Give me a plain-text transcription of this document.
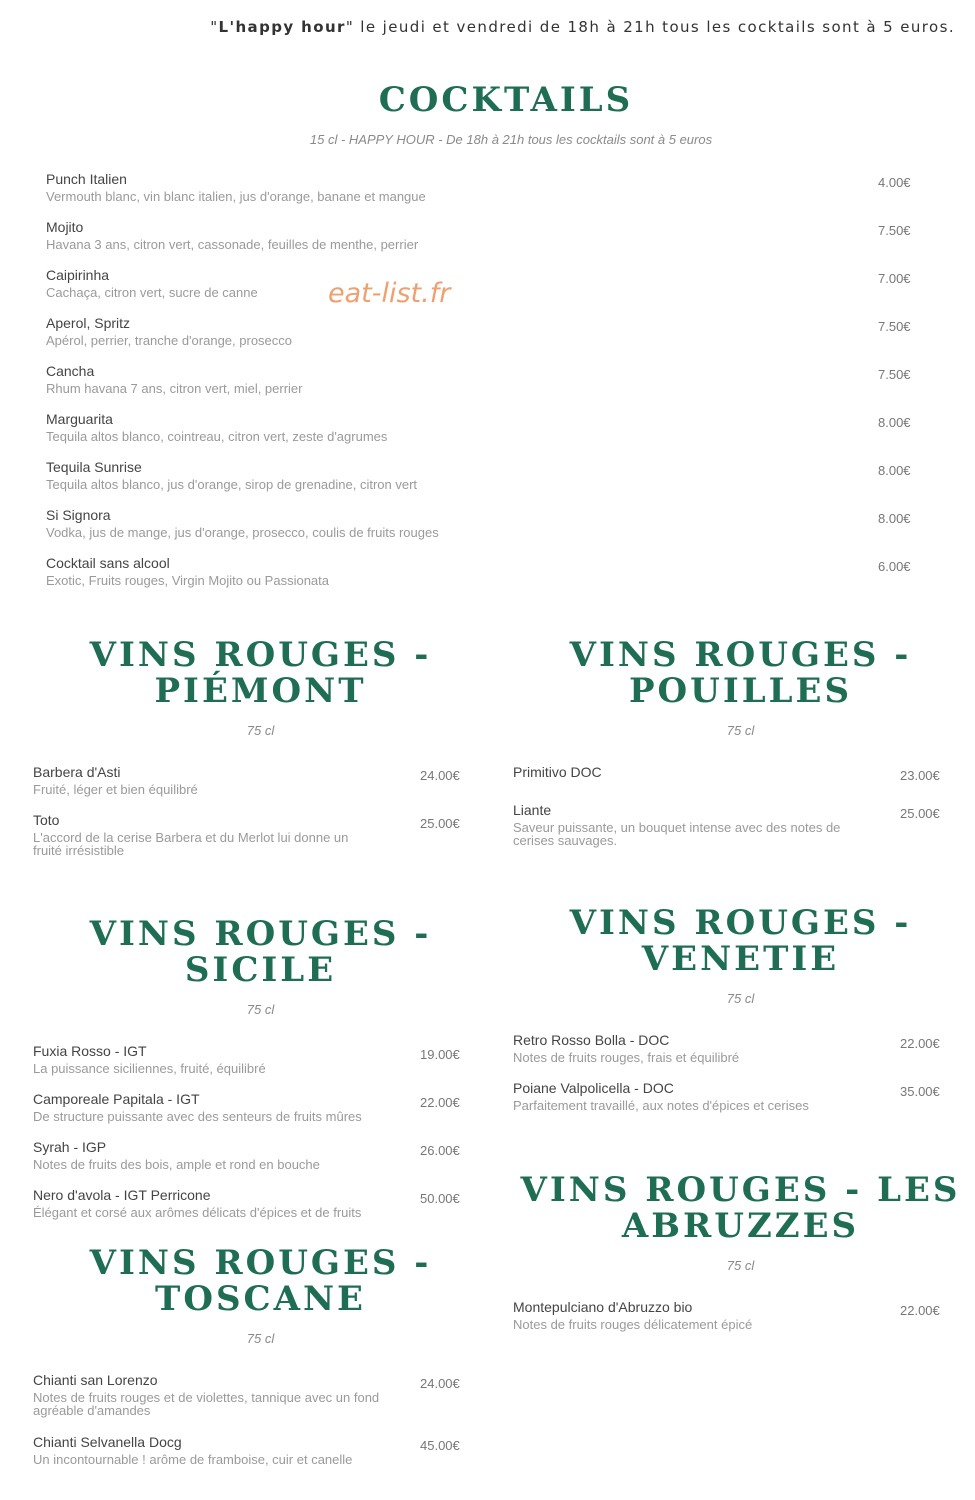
"L'happy hour" le jeudi et vendredi de 18h à 21h tous les cocktails sont à 5 euros.
eat-list.fr
COCKTAILS
15 cl - HAPPY HOUR - De 18h à 21h tous les cocktails sont à 5 euros
Punch Italien
Vermouth blanc, vin blanc italien, jus d'orange, banane et mangue
4.00€
Mojito
Havana 3 ans, citron vert, cassonade, feuilles de menthe, perrier
7.50€
Caipirinha
Cachaça, citron vert, sucre de canne
7.00€
Aperol, Spritz
Apérol, perrier, tranche d'orange, prosecco
7.50€
Cancha
Rhum havana 7 ans, citron vert, miel, perrier
7.50€
Marguarita
Tequila altos blanco, cointreau, citron vert, zeste d'agrumes
8.00€
Tequila Sunrise
Tequila altos blanco, jus d'orange, sirop de grenadine, citron vert
8.00€
Si Signora
Vodka, jus de mange, jus d'orange, prosecco, coulis de fruits rouges
8.00€
Cocktail sans alcool
Exotic, Fruits rouges, Virgin Mojito ou Passionata
6.00€
VINS ROUGES -
PIÉMONT
75 cl
Barbera d'Asti
Fruité, léger et bien équilibré
24.00€
Toto
L'accord de la cerise Barbera et du Merlot lui donne un fruité irrésistible
25.00€
VINS ROUGES -
POUILLES
75 cl
Primitivo DOC	23.00€
Liante
Saveur puissante, un bouquet intense avec des notes de cerises sauvages.
25.00€
VINS ROUGES - SICILE
75 cl
Fuxia Rosso - IGT
La puissance siciliennes, fruité, équilibré
19.00€
Camporeale Papitala - IGT
De structure puissante avec des senteurs de fruits mûres
22.00€
Syrah - IGP
Notes de fruits des bois, ample et rond en bouche
26.00€
Nero d'avola - IGT Perricone
Élégant et corsé aux arômes délicats d'épices et de fruits
50.00€
VINS ROUGES -
VENETIE
75 cl
Retro Rosso Bolla - DOC
Notes de fruits rouges, frais et équilibré
22.00€
Poiane Valpolicella - DOC
Parfaitement travaillé, aux notes d'épices et cerises
35.00€
VINS ROUGES -
TOSCANE
75 cl
Chianti san Lorenzo
Notes de fruits rouges et de violettes, tannique avec un fond agréable d'amandes
24.00€
Chianti Selvanella Docg
Un incontournable ! arôme de framboise, cuir et canelle
45.00€
VINS ROUGES - LES
ABRUZZES
75 cl
Montepulciano d'Abruzzo bio
Notes de fruits rouges délicatement épicé
22.00€
